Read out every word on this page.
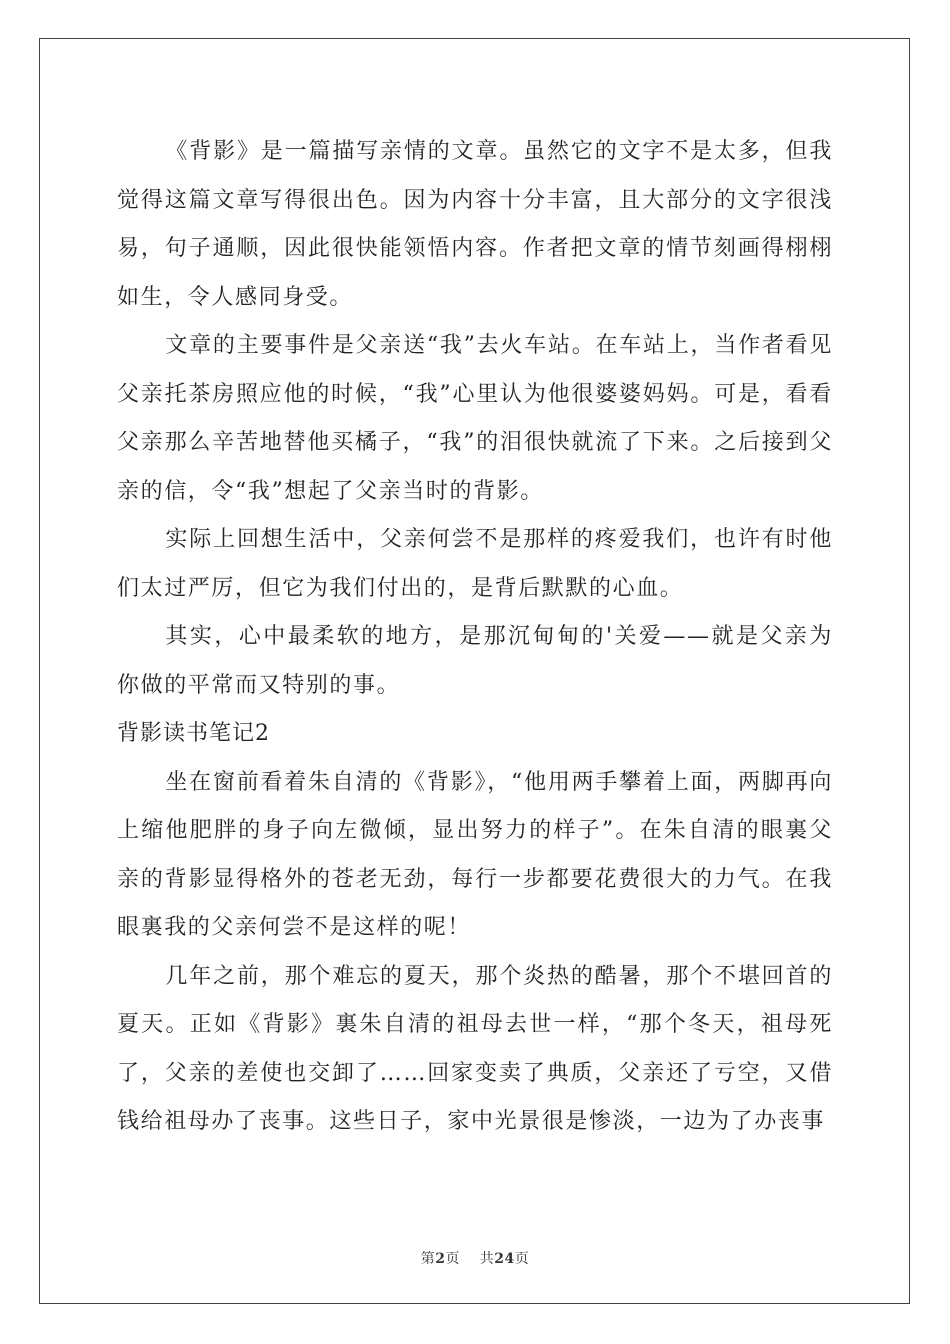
《背影》是一篇描写亲情的文章。虽然它的文字不是太多，但我觉得这篇文章写得很出色。因为内容十分丰富，且大部分的文字很浅易，句子通顺，因此很快能领悟内容。作者把文章的情节刻画得栩栩如生，令人感同身受。

文章的主要事件是父亲送“我”去火车站。在车站上，当作者看见父亲托茶房照应他的时候，“我”心里认为他很婆婆妈妈。可是，看看父亲那么辛苦地替他买橘子，“我”的泪很快就流了下来。之后接到父亲的信，令“我”想起了父亲当时的背影。

实际上回想生活中，父亲何尝不是那样的疼爱我们，也许有时他们太过严厉，但它为我们付出的，是背后默默的心血。

其实，心中最柔软的地方，是那沉甸甸的'关爱——就是父亲为你做的平常而又特别的事。

背影读书笔记2

坐在窗前看着朱自清的《背影》，“他用两手攀着上面，两脚再向上缩他肥胖的身子向左微倾，显出努力的样子”。在朱自清的眼裏父亲的背影显得格外的苍老无劲，每行一步都要花费很大的力气。在我眼裏我的父亲何尝不是这样的呢！

几年之前，那个难忘的夏天，那个炎热的酷暑，那个不堪回首的夏天。正如《背影》裏朱自清的祖母去世一样，“那个冬天，祖母死了，父亲的差使也交卸了……回家变卖了典质，父亲还了亏空，又借钱给祖母办了丧事。这些日子，家中光景很是惨淡，一边为了办丧事

第2页 共24页
